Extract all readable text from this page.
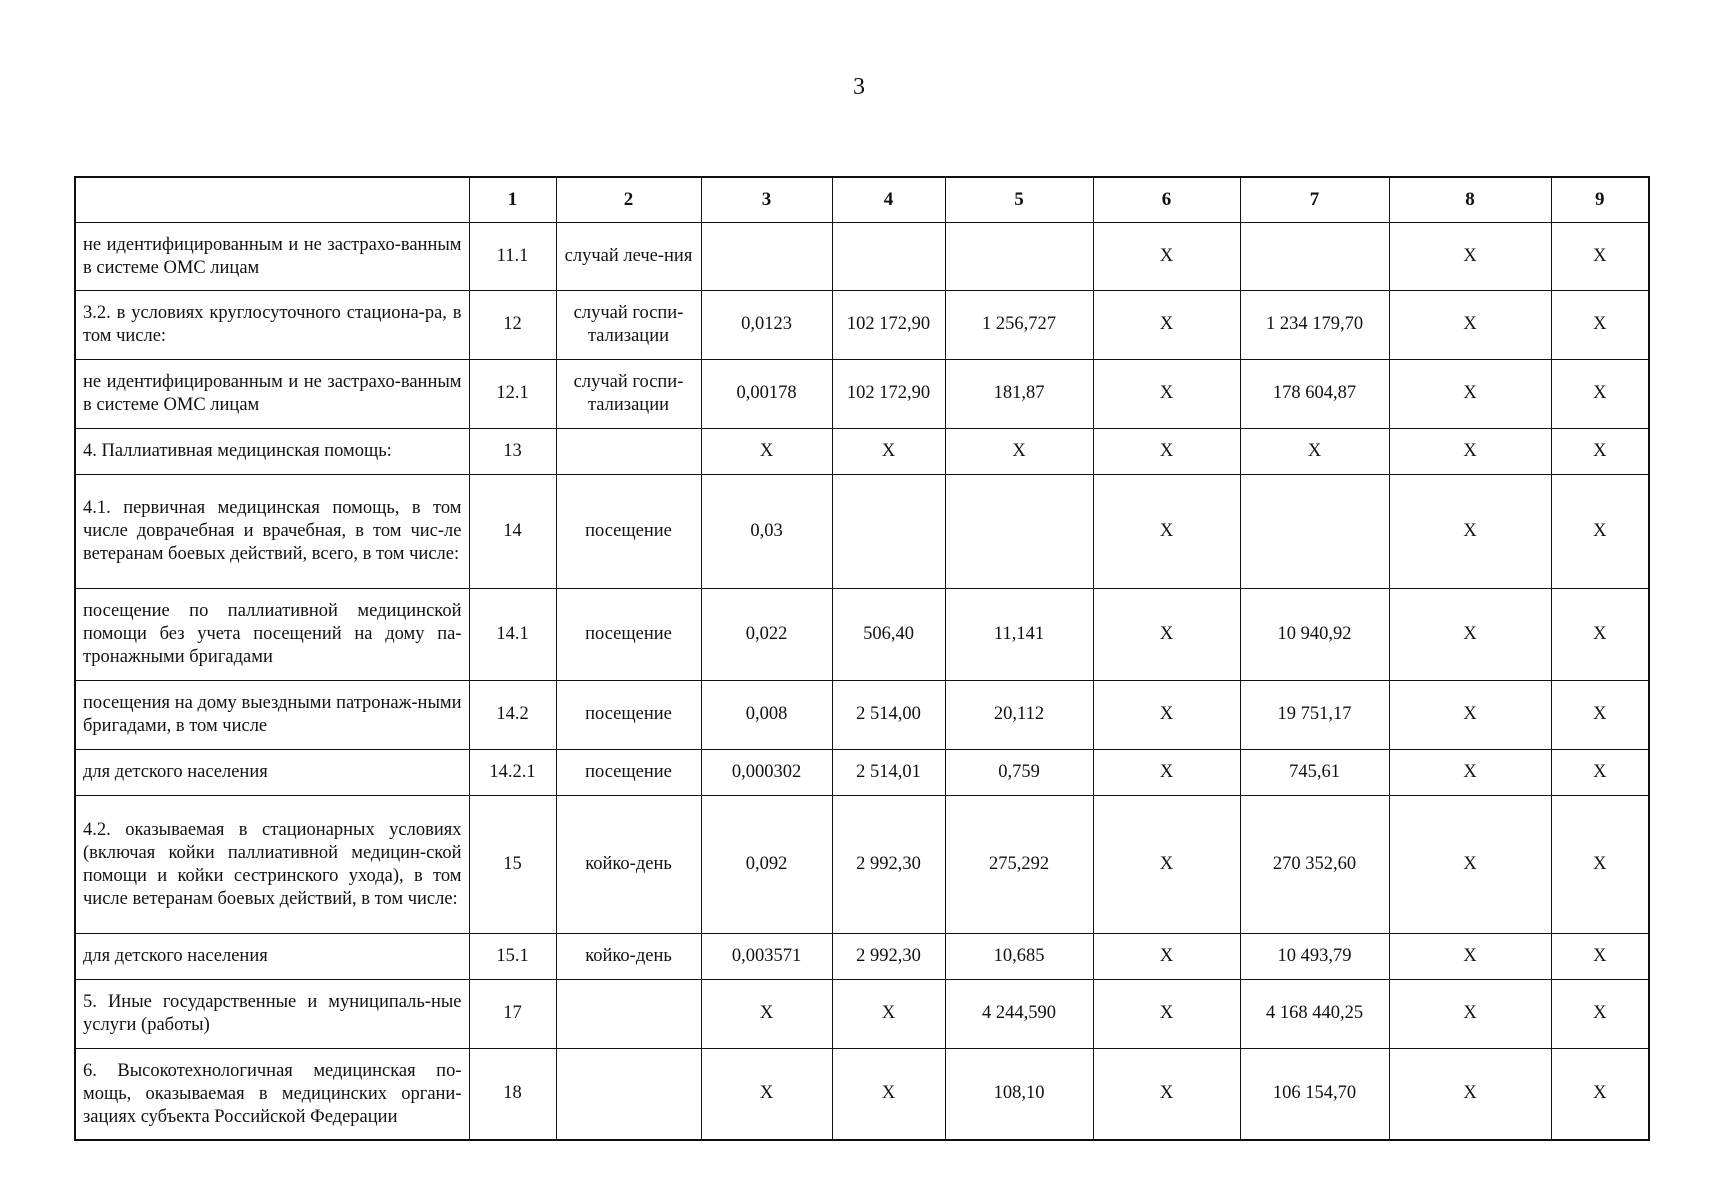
3
	1	2	3	4	5	6	7	8	9
не идентифицированным и не застрахо-ванным в системе ОМС лицам	11.1	случай лече-ния				X		X	X
3.2. в условиях круглосуточного стациона-ра, в том числе:	12	случай госпи-тализации	0,0123	102 172,90	1 256,727	X	1 234 179,70	X	X
не идентифицированным и не застрахо-ванным в системе ОМС лицам	12.1	случай госпи-тализации	0,00178	102 172,90	181,87	X	178 604,87	X	X
4. Паллиативная медицинская помощь:	13		X	X	X	X	X	X	X
4.1. первичная медицинская помощь, в том числе доврачебная и врачебная, в том чис-ле ветеранам боевых действий, всего, в том числе:	14	посещение	0,03			X		X	X
посещение по паллиативной медицинской помощи без учета посещений на дому па-тронажными бригадами	14.1	посещение	0,022	506,40	11,141	X	10 940,92	X	X
посещения на дому выездными патронаж-ными бригадами, в том числе	14.2	посещение	0,008	2 514,00	20,112	X	19 751,17	X	X
для детского населения	14.2.1	посещение	0,000302	2 514,01	0,759	X	745,61	X	X
4.2. оказываемая в стационарных условиях (включая койки паллиативной медицин-ской помощи и койки сестринского ухода), в том числе ветеранам боевых действий, в том числе:	15	койко-день	0,092	2 992,30	275,292	X	270 352,60	X	X
для детского населения	15.1	койко-день	0,003571	2 992,30	10,685	X	10 493,79	X	X
5. Иные государственные и муниципаль-ные услуги (работы)	17		X	X	4 244,590	X	4 168 440,25	X	X
6. Высокотехнологичная медицинская по-мощь, оказываемая в медицинских органи-зациях субъекта Российской Федерации	18		X	X	108,10	X	106 154,70	X	X
